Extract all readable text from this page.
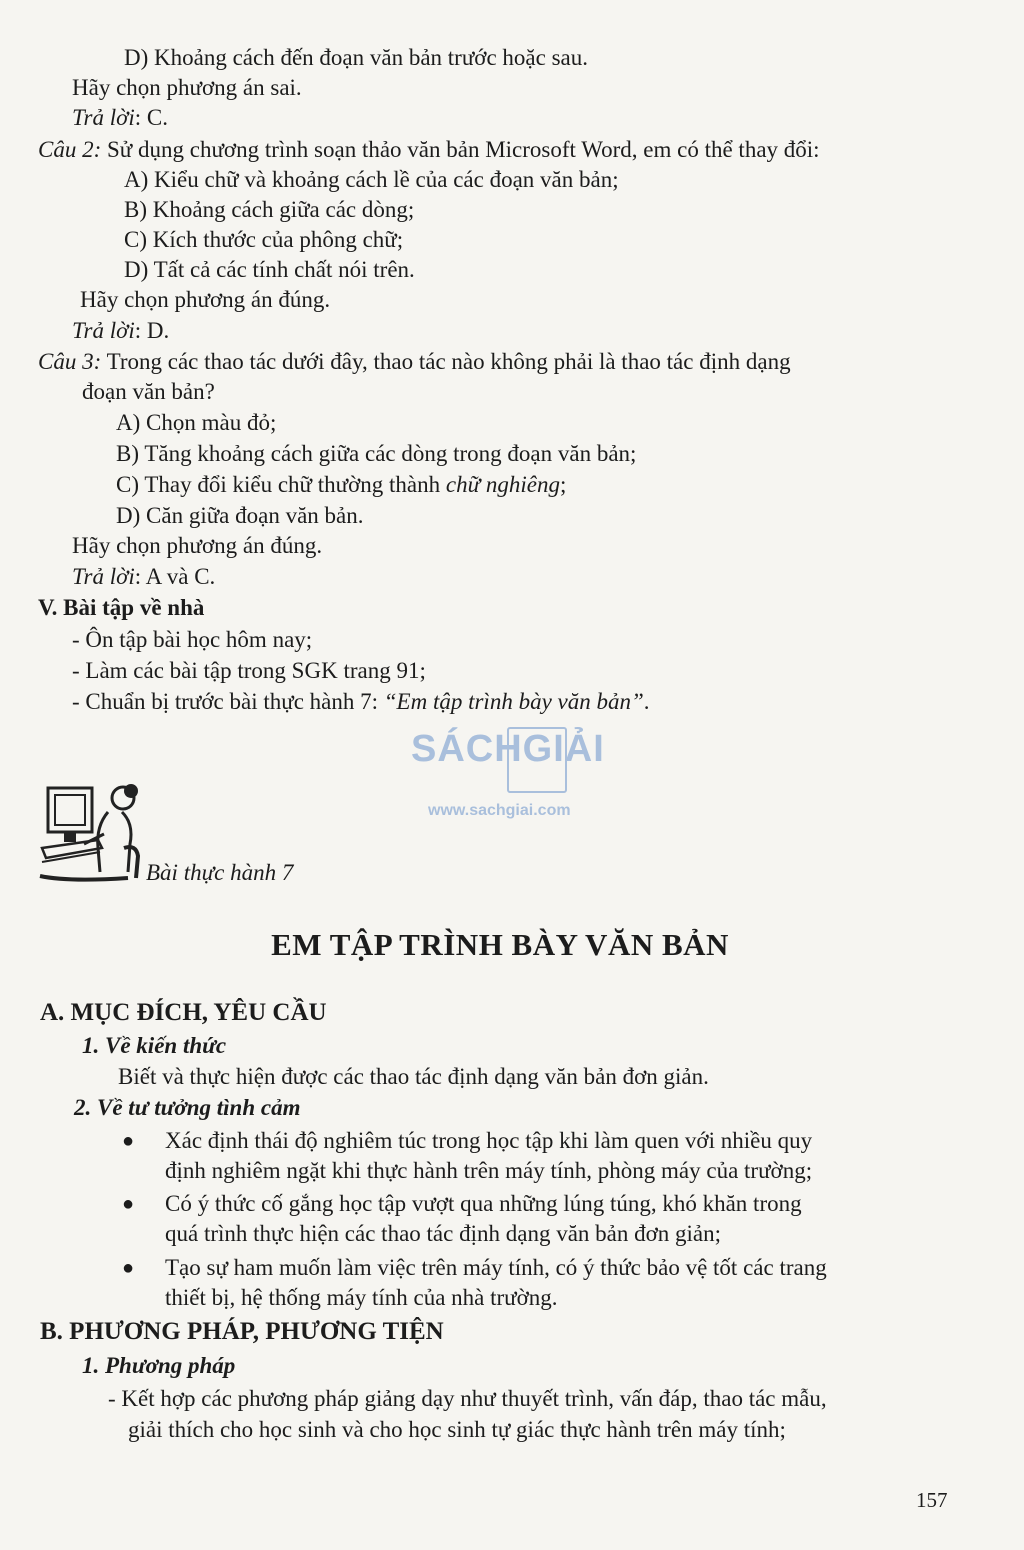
D) Khoảng cách đến đoạn văn bản trước hoặc sau.
Hãy chọn phương án sai.
Trả lời: C.
Câu 2: Sử dụng chương trình soạn thảo văn bản Microsoft Word, em có thể thay đổi:
A) Kiểu chữ và khoảng cách lề của các đoạn văn bản;
B) Khoảng cách giữa các dòng;
C) Kích thước của phông chữ;
D) Tất cả các tính chất nói trên.
Hãy chọn phương án đúng.
Trả lời: D.
Câu 3: Trong các thao tác dưới đây, thao tác nào không phải là thao tác định dạng
đoạn văn bản?
A) Chọn màu đỏ;
B) Tăng khoảng cách giữa các dòng trong đoạn văn bản;
C) Thay đổi kiểu chữ thường thành chữ nghiêng;
D) Căn giữa đoạn văn bản.
Hãy chọn phương án đúng.
Trả lời: A và C.
V. Bài tập về nhà
- Ôn tập bài học hôm nay;
- Làm các bài tập trong SGK trang 91;
- Chuẩn bị trước bài thực hành 7: “Em tập trình bày văn bản”.
SÁCHGIẢI
www.sachgiai.com
Bài thực hành 7
EM TẬP TRÌNH BÀY VĂN BẢN
A. MỤC ĐÍCH, YÊU CẦU
1. Về kiến thức
Biết và thực hiện được các thao tác định dạng văn bản đơn giản.
2. Về tư tưởng tình cảm
● Xác định thái độ nghiêm túc trong học tập khi làm quen với nhiều quy
định nghiêm ngặt khi thực hành trên máy tính, phòng máy của trường;
● Có ý thức cố gắng học tập vượt qua những lúng túng, khó khăn trong
quá trình thực hiện các thao tác định dạng văn bản đơn giản;
● Tạo sự ham muốn làm việc trên máy tính, có ý thức bảo vệ tốt các trang
thiết bị, hệ thống máy tính của nhà trường.
B. PHƯƠNG PHÁP, PHƯƠNG TIỆN
1. Phương pháp
- Kết hợp các phương pháp giảng dạy như thuyết trình, vấn đáp, thao tác mẫu,
giải thích cho học sinh và cho học sinh tự giác thực hành trên máy tính;
157
